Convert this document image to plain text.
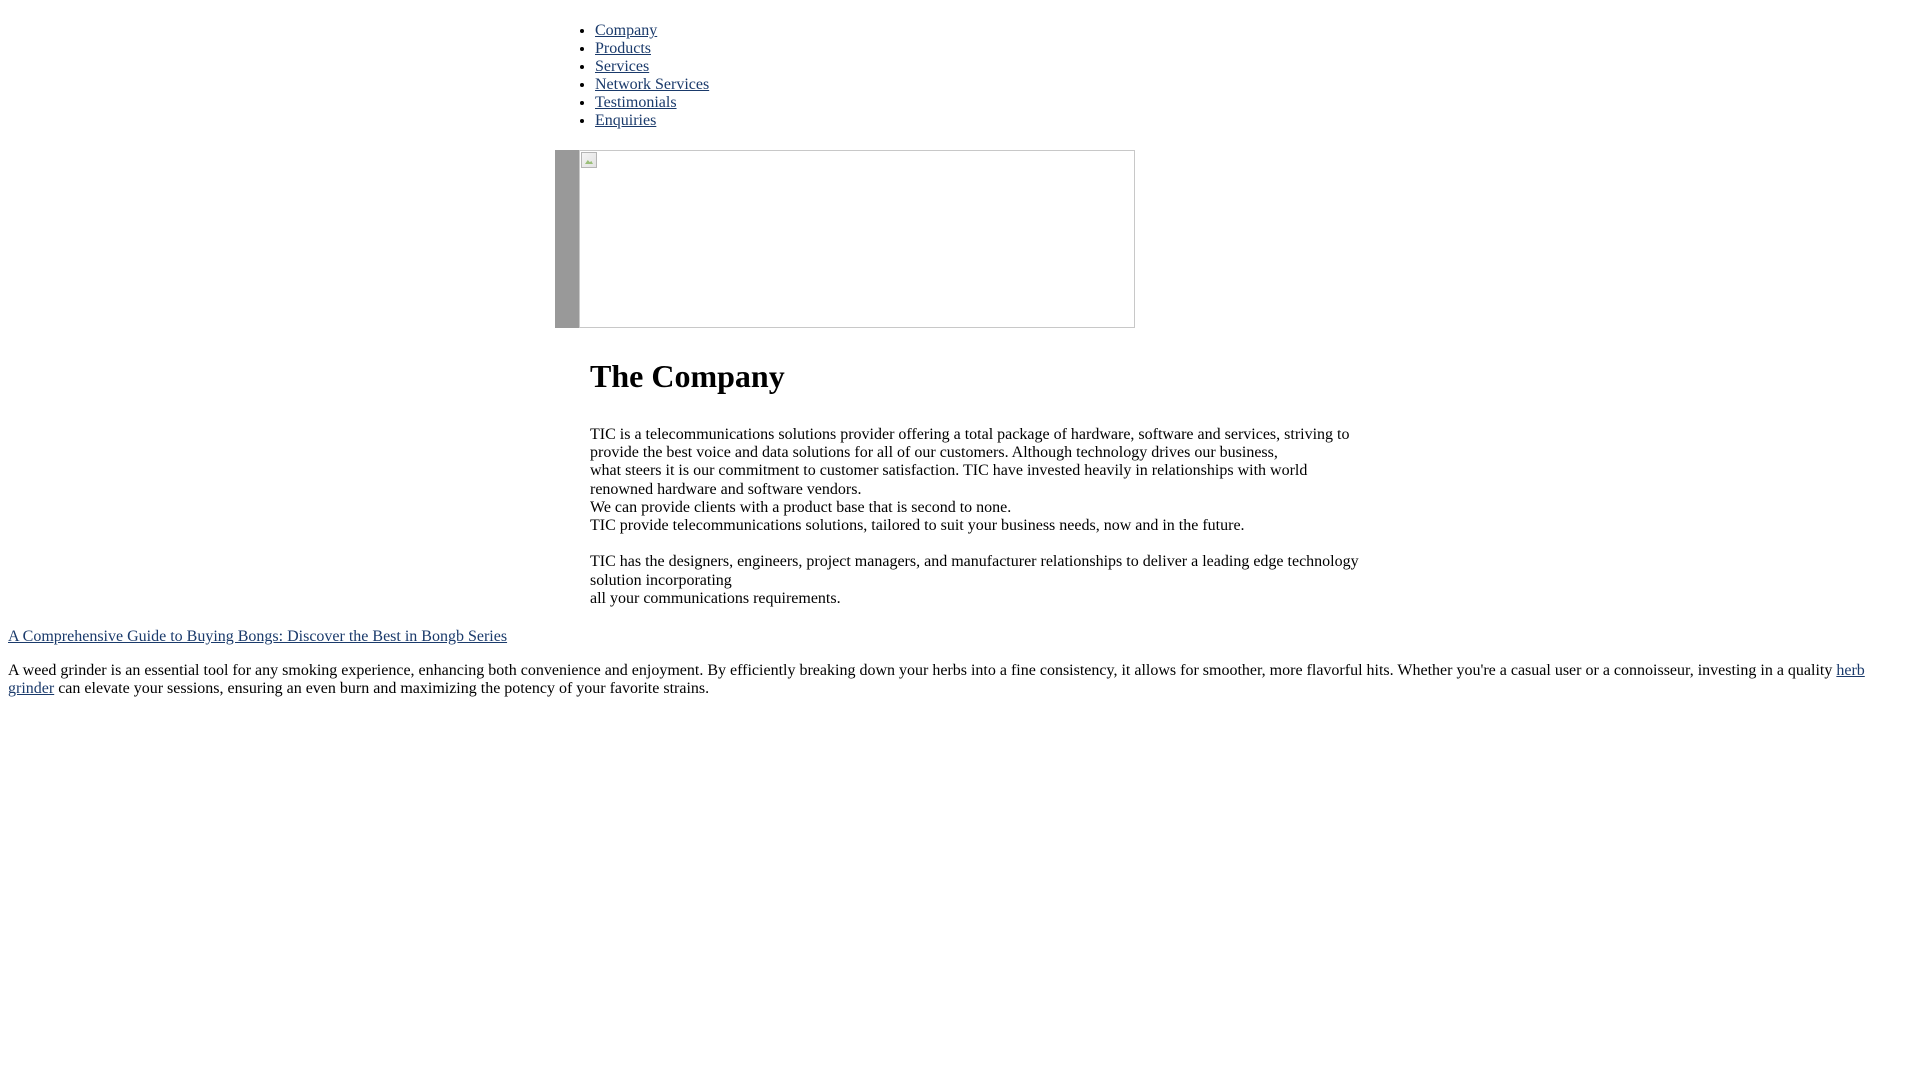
• Company
• Products
• Services
• Network Services
• Testimonials
• Enquiries
The Company

TIC is a telecommunications solutions provider offering a total package of hardware, software and services, striving to

provide the best voice and data solutions for all of our customers. Although technology drives our business,

what steers it is our commitment to customer satisfaction. TIC have invested heavily in relationships with world

renowned hardware and software vendors.

We can provide clients with a product base that is second to none.

TIC provide telecommunications solutions, tailored to suit your business needs, now and in the future.

TIC has the designers, engineers, project managers, and manufacturer relationships to deliver a leading edge technology

solution incorporating

all your communications requirements.

A Comprehensive Guide to Buying Bongs: Discover the Best in Bongb Series

A weed grinder is an essential tool for any smoking experience, enhancing both convenience and enjoyment. By efficiently breaking down your herbs into a fine consistency, it allows for smoother, more flavorful hits. Whether you're a casual user or a connoisseur, investing in a quality herb grinder can elevate your sessions, ensuring an even burn and maximizing the potency of your favorite strains.
